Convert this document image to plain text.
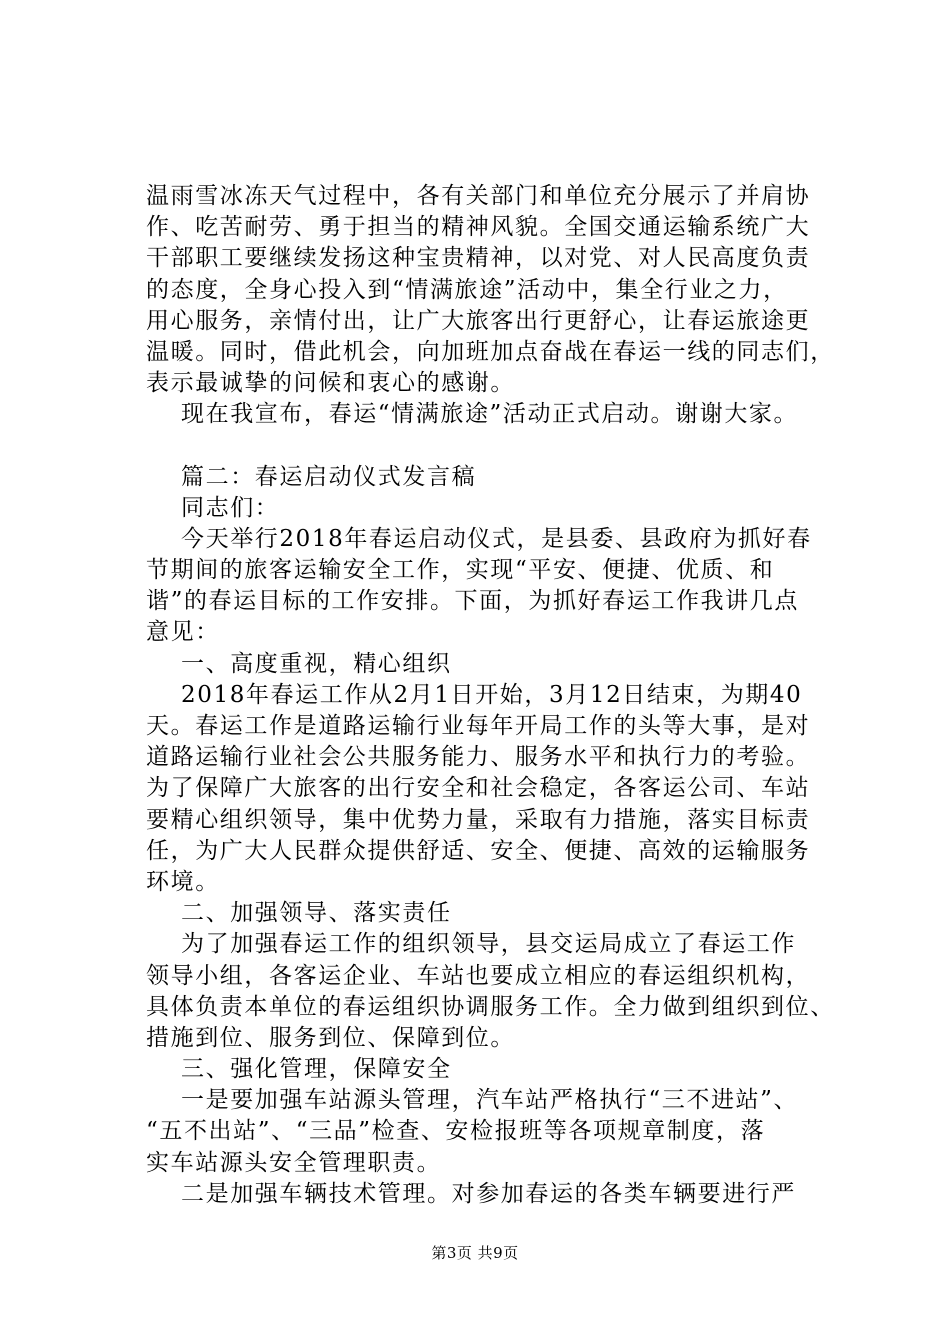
温雨雪冰冻天气过程中，各有关部门和单位充分展示了并肩协
作、吃苦耐劳、勇于担当的精神风貌。全国交通运输系统广大
干部职工要继续发扬这种宝贵精神，以对党、对人民高度负责
的态度，全身心投入到“情满旅途”活动中，集全行业之力，
用心服务，亲情付出，让广大旅客出行更舒心，让春运旅途更
温暖。同时，借此机会，向加班加点奋战在春运一线的同志们，
表示最诚挚的问候和衷心的感谢。
现在我宣布，春运“情满旅途”活动正式启动。谢谢大家。
篇二：春运启动仪式发言稿
同志们：
今天举行2018年春运启动仪式，是县委、县政府为抓好春
节期间的旅客运输安全工作，实现“平安、便捷、优质、和
谐”的春运目标的工作安排。下面，为抓好春运工作我讲几点
意见：
一、高度重视，精心组织
2018年春运工作从2月1日开始，3月12日结束，为期40
天。春运工作是道路运输行业每年开局工作的头等大事，是对
道路运输行业社会公共服务能力、服务水平和执行力的考验。
为了保障广大旅客的出行安全和社会稳定，各客运公司、车站
要精心组织领导，集中优势力量，采取有力措施，落实目标责
任，为广大人民群众提供舒适、安全、便捷、高效的运输服务
环境。
二、加强领导、落实责任
为了加强春运工作的组织领导，县交运局成立了春运工作
领导小组，各客运企业、车站也要成立相应的春运组织机构，
具体负责本单位的春运组织协调服务工作。全力做到组织到位、
措施到位、服务到位、保障到位。
三、强化管理，保障安全
一是要加强车站源头管理，汽车站严格执行“三不进站”、
“五不出站”、“三品”检查、安检报班等各项规章制度，落
实车站源头安全管理职责。
二是加强车辆技术管理。对参加春运的各类车辆要进行严
第3页 共9页
